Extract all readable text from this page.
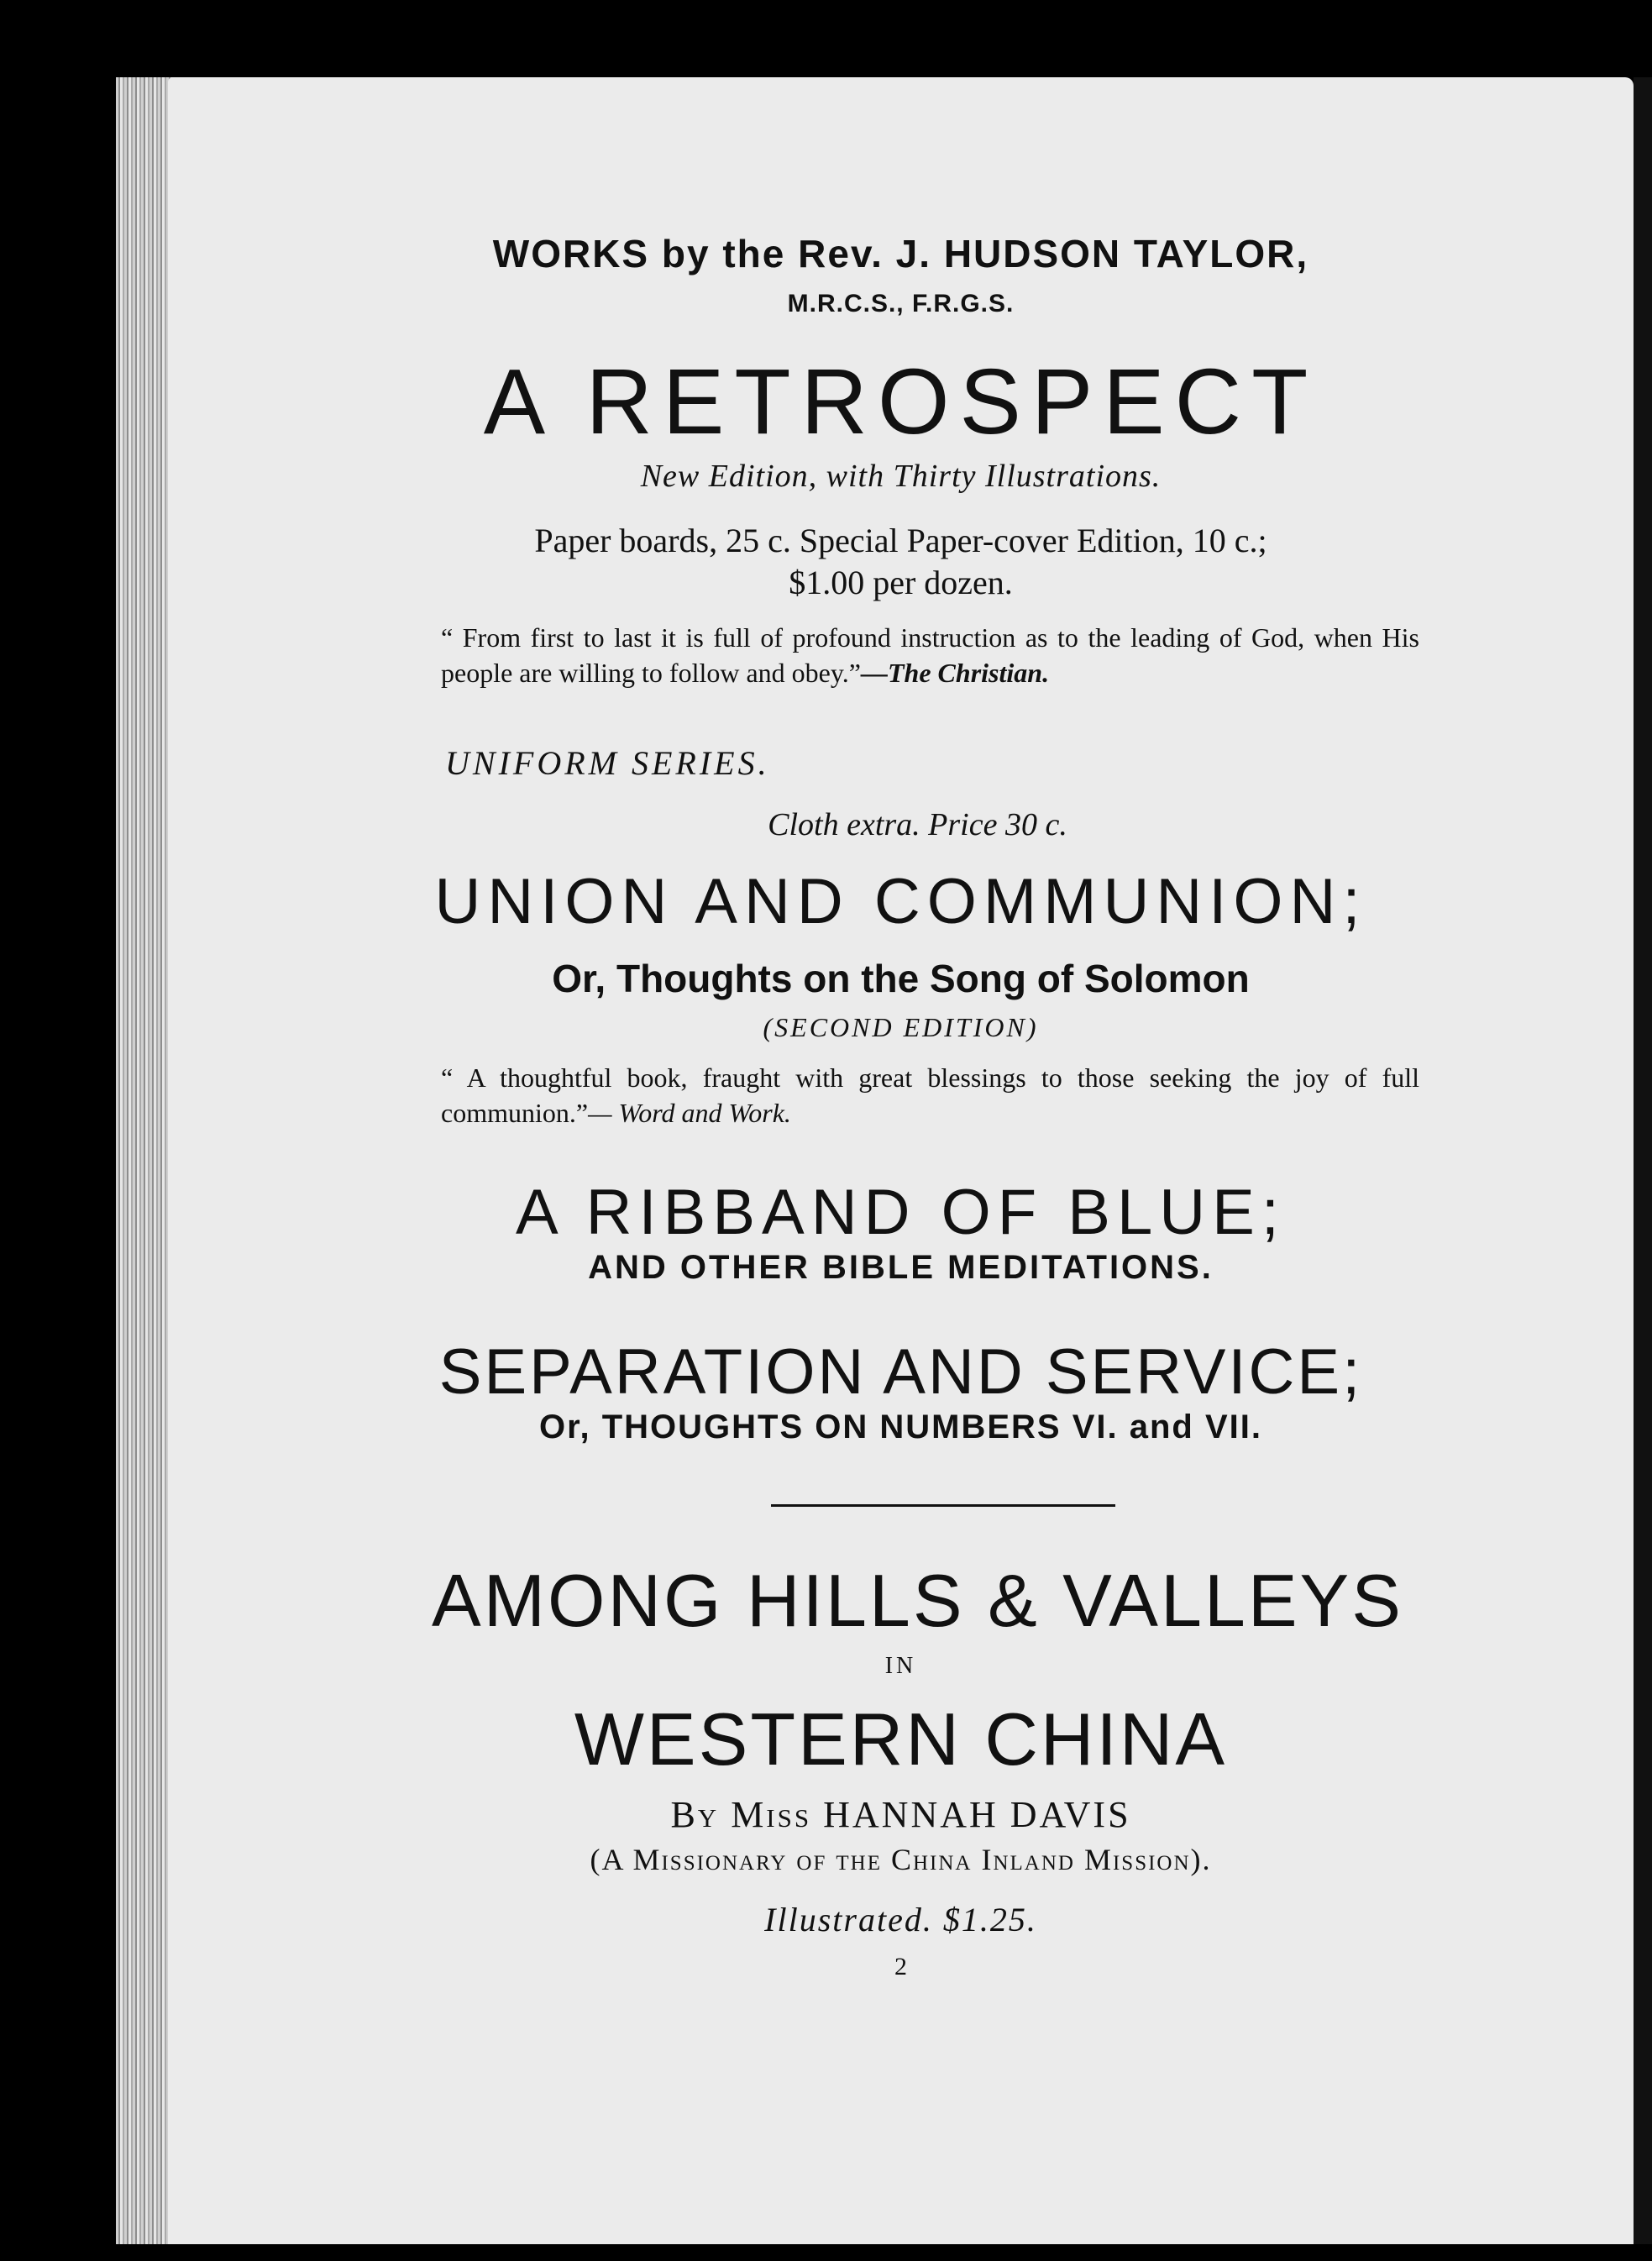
WORKS by the Rev. J. HUDSON TAYLOR,
M.R.C.S., F.R.G.S.
A RETROSPECT
New Edition, with Thirty Illustrations.
Paper boards, 25 c. Special Paper-cover Edition, 10 c.;
$1.00 per dozen.
“ From first to last it is full of profound instruction as to the leading of God, when His people are willing to follow and obey.”—The Christian.
UNIFORM SERIES.
Cloth extra. Price 30 c.
UNION AND COMMUNION;
Or, Thoughts on the Song of Solomon
(SECOND EDITION)
“ A thoughtful book, fraught with great blessings to those seeking the joy of full communion.”— Word and Work.
A RIBBAND OF BLUE;
AND OTHER BIBLE MEDITATIONS.
SEPARATION AND SERVICE;
Or, THOUGHTS ON NUMBERS VI. and VII.
AMONG HILLS & VALLEYS
IN
WESTERN CHINA
By Miss HANNAH DAVIS
(A Missionary of the China Inland Mission).
Illustrated. $1.25.
2
